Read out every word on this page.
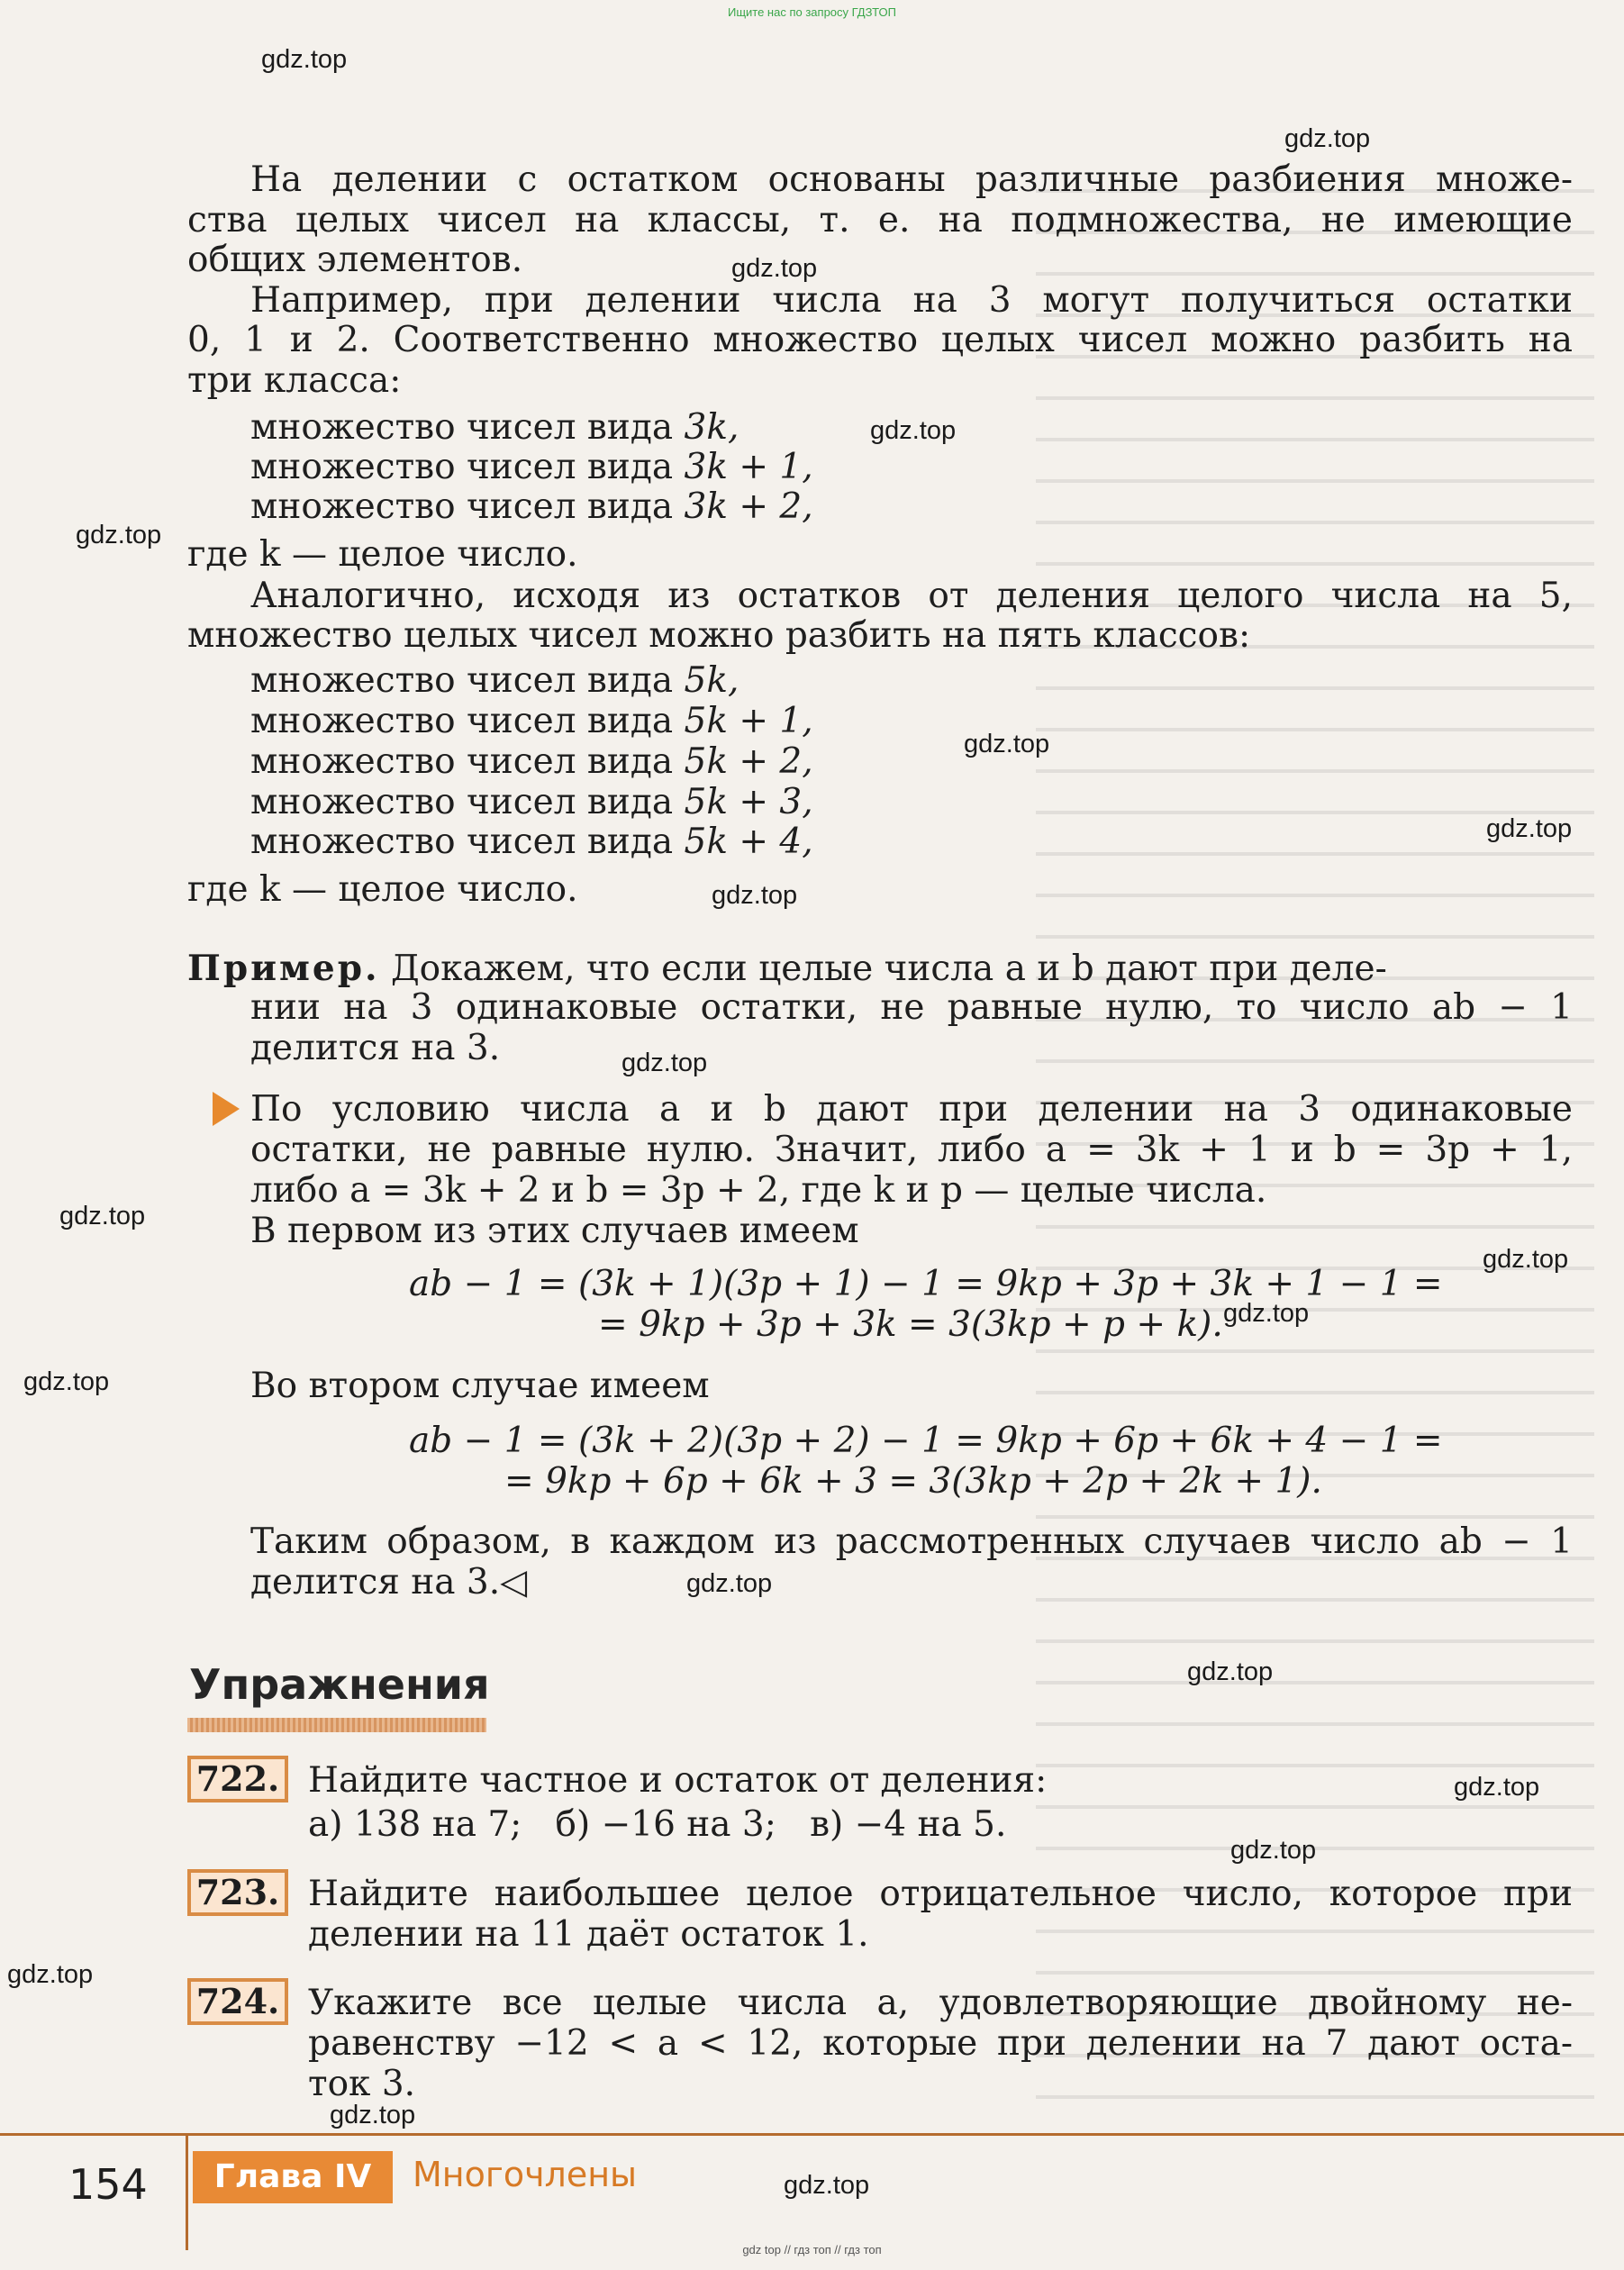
Ищите нас по запросу ГДЗТОП
На делении с остатком основаны различные разбиения множе-
ства целых чисел на классы, т. е. на подмножества, не имеющие
общих элементов.
Например, при делении числа на 3 могут получиться остатки
0, 1 и 2. Соответственно множество целых чисел можно разбить на
три класса:
множество чисел вида 3k,
множество чисел вида 3k + 1,
множество чисел вида 3k + 2,
где k — целое число.
Аналогично, исходя из остатков от деления целого числа на 5,
множество целых чисел можно разбить на пять классов:
множество чисел вида 5k,
множество чисел вида 5k + 1,
множество чисел вида 5k + 2,
множество чисел вида 5k + 3,
множество чисел вида 5k + 4,
где k — целое число.
Пример. Докажем, что если целые числа a и b дают при деле-
нии на 3 одинаковые остатки, не равные нулю, то число ab − 1
делится на 3.
По условию числа a и b дают при делении на 3 одинаковые
остатки, не равные нулю. Значит, либо a = 3k + 1 и b = 3p + 1,
либо a = 3k + 2 и b = 3p + 2, где k и p — целые числа.
В первом из этих случаев имеем
ab − 1 = (3k + 1)(3p + 1) − 1 = 9kp + 3p + 3k + 1 − 1 =
= 9kp + 3p + 3k = 3(3kp + p + k).
Во втором случае имеем
ab − 1 = (3k + 2)(3p + 2) − 1 = 9kp + 6p + 6k + 4 − 1 =
= 9kp + 6p + 6k + 3 = 3(3kp + 2p + 2k + 1).
Таким образом, в каждом из рассмотренных случаев число ab − 1
делится на 3.◁
Упражнения
722. Найдите частное и остаток от деления:
а) 138 на 7;   б) −16 на 3;   в) −4 на 5.
723. Найдите наибольшее целое отрицательное число, которое при
делении на 11 даёт остаток 1.
724. Укажите все целые числа a, удовлетворяющие двойному не-
равенству −12 < a < 12, которые при делении на 7 дают оста-
ток 3.
154	Глава IV	Многочлены
gdz.top
gdz.top
gdz.top
gdz.top
gdz.top
gdz.top
gdz.top
gdz.top
gdz.top
gdz.top
gdz.top
gdz.top
gdz.top
gdz.top
gdz.top
gdz.top
gdz.top
gdz.top
gdz.top
gdz.top
gdz top // гдз топ // гдз топ
